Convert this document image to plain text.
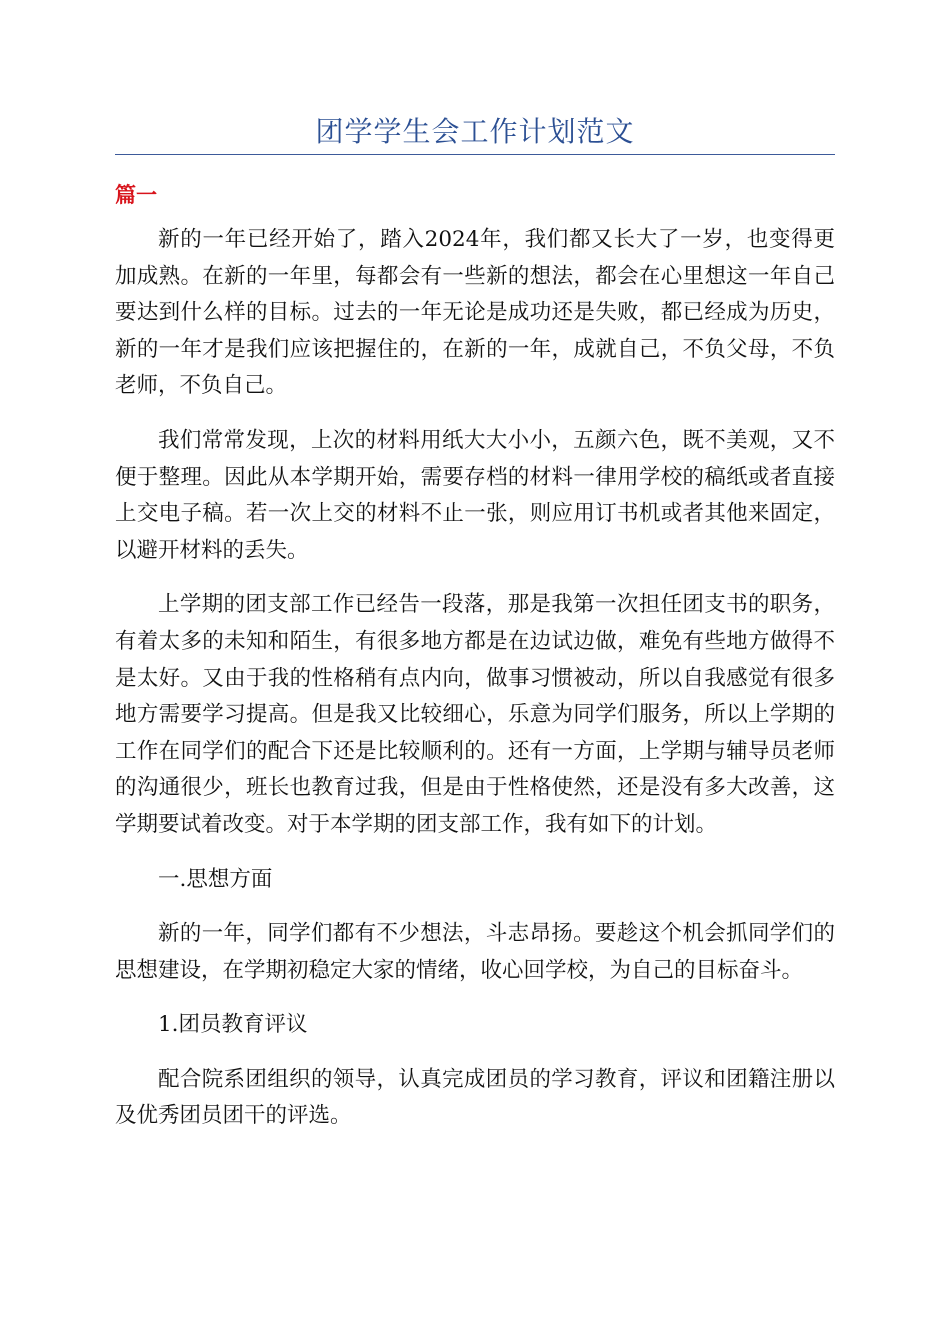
团学学生会工作计划范文
篇一

新的一年已经开始了，踏入2024年，我们都又长大了一岁，也变得更加成熟。在新的一年里，每都会有一些新的想法，都会在心里想这一年自己要达到什么样的目标。过去的一年无论是成功还是失败，都已经成为历史，新的一年才是我们应该把握住的，在新的一年，成就自己，不负父母，不负老师，不负自己。

我们常常发现，上次的材料用纸大大小小，五颜六色，既不美观，又不便于整理。因此从本学期开始，需要存档的材料一律用学校的稿纸或者直接上交电子稿。若一次上交的材料不止一张，则应用订书机或者其他来固定，以避开材料的丢失。

上学期的团支部工作已经告一段落，那是我第一次担任团支书的职务，有着太多的未知和陌生，有很多地方都是在边试边做，难免有些地方做得不是太好。又由于我的性格稍有点内向，做事习惯被动，所以自我感觉有很多地方需要学习提高。但是我又比较细心，乐意为同学们服务，所以上学期的工作在同学们的配合下还是比较顺利的。还有一方面，上学期与辅导员老师的沟通很少，班长也教育过我，但是由于性格使然，还是没有多大改善，这学期要试着改变。对于本学期的团支部工作，我有如下的计划。

一.思想方面

新的一年，同学们都有不少想法，斗志昂扬。要趁这个机会抓同学们的思想建设，在学期初稳定大家的情绪，收心回学校，为自己的目标奋斗。

1.团员教育评议

配合院系团组织的领导，认真完成团员的学习教育，评议和团籍注册以及优秀团员团干的评选。
